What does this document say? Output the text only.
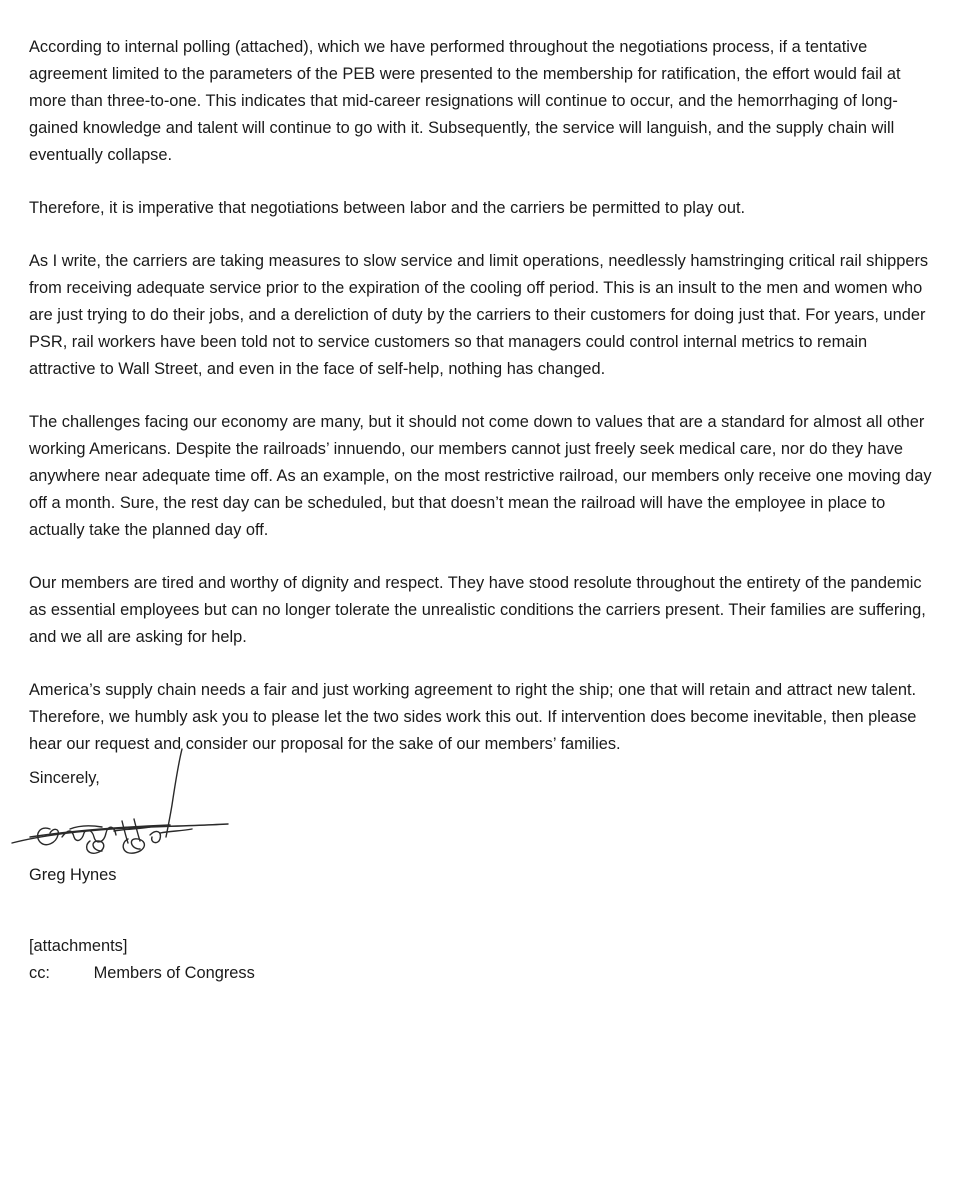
According to internal polling (attached), which we have performed throughout the negotiations process, if a tentative agreement limited to the parameters of the PEB were presented to the membership for ratification, the effort would fail at more than three-to-one. This indicates that mid-career resignations will continue to occur, and the hemorrhaging of long-gained knowledge and talent will continue to go with it. Subsequently, the service will languish, and the supply chain will eventually collapse.

Therefore, it is imperative that negotiations between labor and the carriers be permitted to play out.

As I write, the carriers are taking measures to slow service and limit operations, needlessly hamstringing critical rail shippers from receiving adequate service prior to the expiration of the cooling off period. This is an insult to the men and women who are just trying to do their jobs, and a dereliction of duty by the carriers to their customers for doing just that. For years, under PSR, rail workers have been told not to service customers so that managers could control internal metrics to remain attractive to Wall Street, and even in the face of self-help, nothing has changed.

The challenges facing our economy are many, but it should not come down to values that are a standard for almost all other working Americans. Despite the railroads’ innuendo, our members cannot just freely seek medical care, nor do they have anywhere near adequate time off. As an example, on the most restrictive railroad, our members only receive one moving day off a month. Sure, the rest day can be scheduled, but that doesn’t mean the railroad will have the employee in place to actually take the planned day off.

Our members are tired and worthy of dignity and respect. They have stood resolute throughout the entirety of the pandemic as essential employees but can no longer tolerate the unrealistic conditions the carriers present. Their families are suffering, and we all are asking for help.

America’s supply chain needs a fair and just working agreement to right the ship; one that will retain and attract new talent. Therefore, we humbly ask you to please let the two sides work this out. If intervention does become inevitable, then please hear our request and consider our proposal for the sake of our members’ families.

Sincerely,
Greg Hynes
[attachments]
cc:	Members of Congress
